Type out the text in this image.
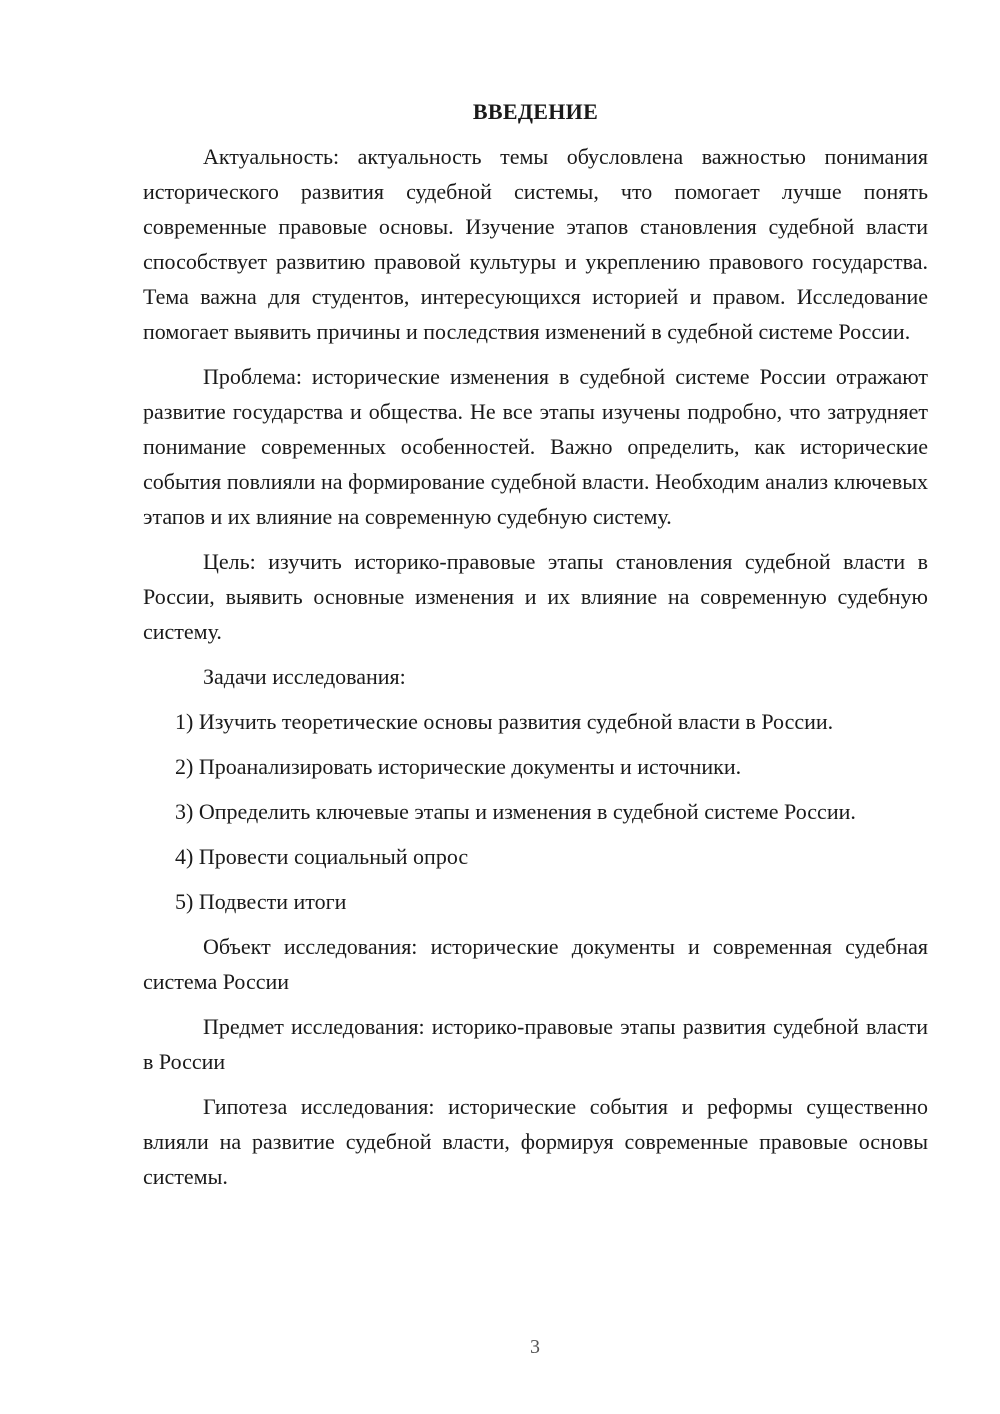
ВВЕДЕНИЕ

Актуальность: актуальность темы обусловлена важностью понимания исторического развития судебной системы, что помогает лучше понять современные правовые основы. Изучение этапов становления судебной власти способствует развитию правовой культуры и укреплению правового государства. Тема важна для студентов, интересующихся историей и правом. Исследование помогает выявить причины и последствия изменений в судебной системе России.

Проблема: исторические изменения в судебной системе России отражают развитие государства и общества. Не все этапы изучены подробно, что затрудняет понимание современных особенностей. Важно определить, как исторические события повлияли на формирование судебной власти. Необходим анализ ключевых этапов и их влияние на современную судебную систему.

Цель: изучить историко-правовые этапы становления судебной власти в России, выявить основные изменения и их влияние на современную судебную систему.

Задачи исследования:

1) Изучить теоретические основы развития судебной власти в России.

2) Проанализировать исторические документы и источники.

3) Определить ключевые этапы и изменения в судебной системе России.

4) Провести социальный опрос

5) Подвести итоги

Объект исследования: исторические документы и современная судебная система России

Предмет исследования: историко-правовые этапы развития судебной власти в России

Гипотеза исследования: исторические события и реформы существенно влияли на развитие судебной власти, формируя современные правовые основы системы.

3
